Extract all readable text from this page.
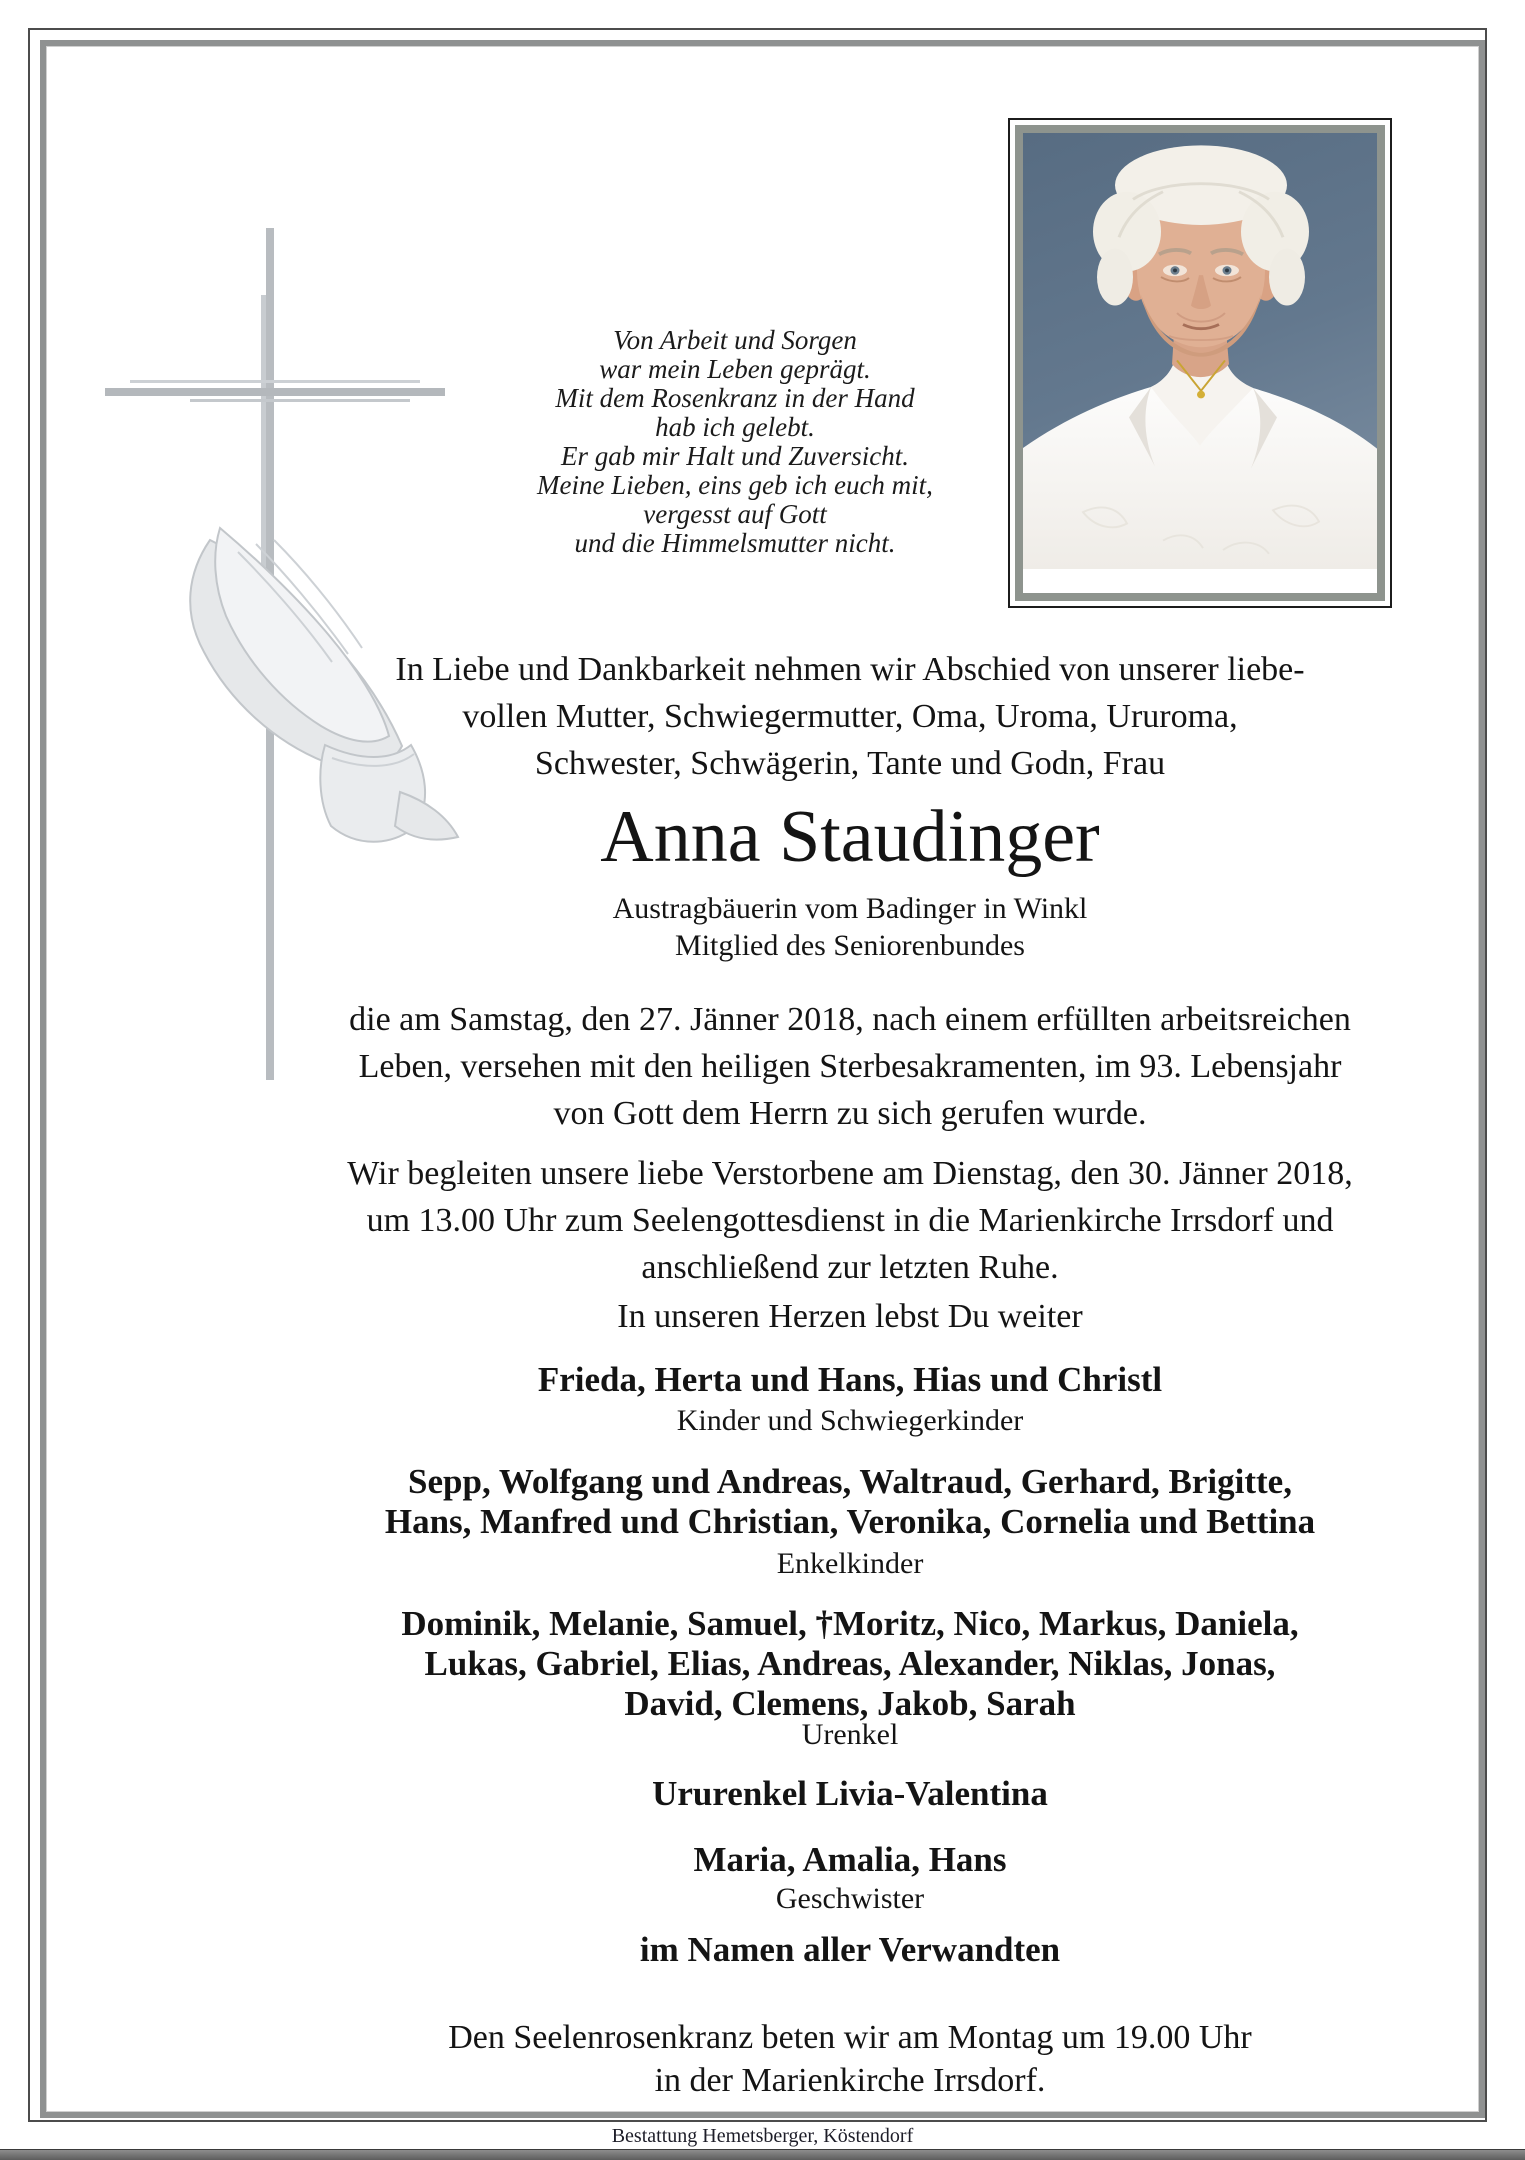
Von Arbeit und Sorgen
war mein Leben geprägt.
Mit dem Rosenkranz in der Hand
hab ich gelebt.
Er gab mir Halt und Zuversicht.
Meine Lieben, eins geb ich euch mit,
vergesst auf Gott
und die Himmelsmutter nicht.
In Liebe und Dankbarkeit nehmen wir Abschied von unserer liebe-
vollen Mutter, Schwiegermutter, Oma, Uroma, Ururoma,
Schwester, Schwägerin, Tante und Godn, Frau
Anna Staudinger
Austragbäuerin vom Badinger in Winkl
Mitglied des Seniorenbundes
die am Samstag, den 27. Jänner 2018, nach einem erfüllten arbeitsreichen
Leben, versehen mit den heiligen Sterbesakramenten, im 93. Lebensjahr
von Gott dem Herrn zu sich gerufen wurde.
Wir begleiten unsere liebe Verstorbene am Dienstag, den 30. Jänner 2018,
um 13.00 Uhr zum Seelengottesdienst in die Marienkirche Irrsdorf und
anschließend zur letzten Ruhe.
In unseren Herzen lebst Du weiter
Frieda, Herta und Hans, Hias und Christl
Kinder und Schwiegerkinder
Sepp, Wolfgang und Andreas, Waltraud, Gerhard, Brigitte,
Hans, Manfred und Christian, Veronika, Cornelia und Bettina
Enkelkinder
Dominik, Melanie, Samuel, †Moritz, Nico, Markus, Daniela,
Lukas, Gabriel, Elias, Andreas, Alexander, Niklas, Jonas,
David, Clemens, Jakob, Sarah
Urenkel
Ururenkel Livia-Valentina
Maria, Amalia, Hans
Geschwister
im Namen aller Verwandten
Den Seelenrosenkranz beten wir am Montag um 19.00 Uhr
in der Marienkirche Irrsdorf.
Bestattung Hemetsberger, Köstendorf
